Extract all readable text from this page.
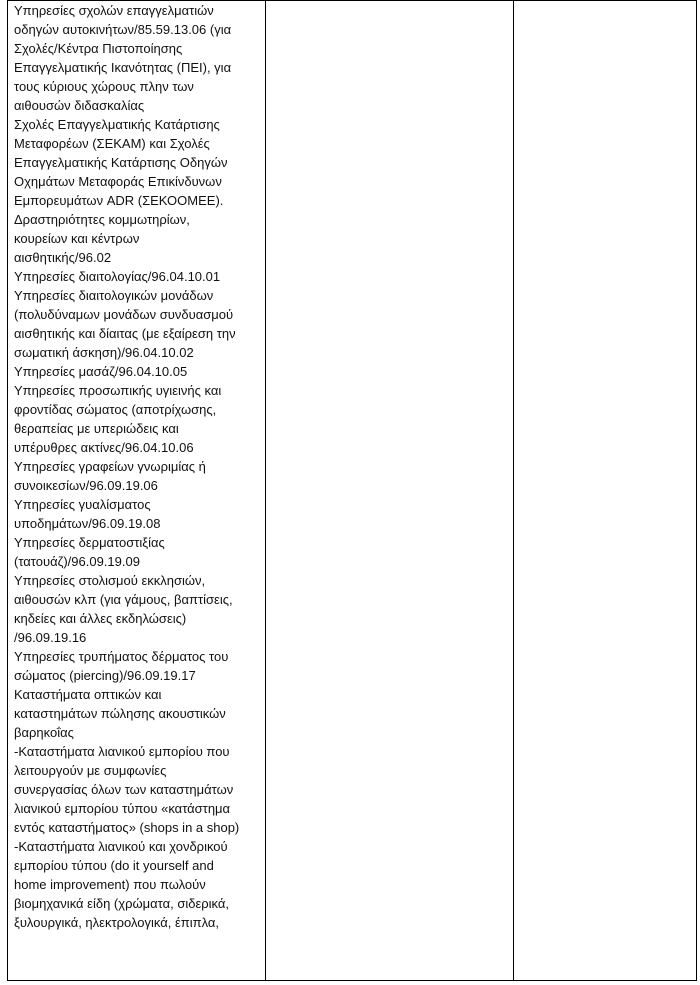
Υπηρεσίες σχολών επαγγελματιών
οδηγών αυτοκινήτων/85.59.13.06 (για
Σχολές/Κέντρα Πιστοποίησης
Επαγγελματικής Ικανότητας (ΠΕΙ), για
τους κύριους χώρους πλην των
αιθουσών διδασκαλίας
Σχολές Επαγγελματικής Κατάρτισης
Μεταφορέων (ΣΕΚΑΜ) και Σχολές
Επαγγελματικής Κατάρτισης Οδηγών
Οχημάτων Μεταφοράς Επικίνδυνων
Εμπορευμάτων ADR (ΣΕΚΟΟΜΕΕ).
Δραστηριότητες κομμωτηρίων,
κουρείων και κέντρων
αισθητικής/96.02
Υπηρεσίες διαιτολογίας/96.04.10.01
Υπηρεσίες διαιτολογικών μονάδων
(πολυδύναμων μονάδων συνδυασμού
αισθητικής και δίαιτας (με εξαίρεση την
σωματική άσκηση)/96.04.10.02
Υπηρεσίες μασάζ/96.04.10.05
Υπηρεσίες προσωπικής υγιεινής και
φροντίδας σώματος (αποτρίχωσης,
θεραπείας με υπεριώδεις και
υπέρυθρες ακτίνες/96.04.10.06
Υπηρεσίες γραφείων γνωριμίας ή
συνοικεσίων/96.09.19.06
Υπηρεσίες γυαλίσματος
υποδημάτων/96.09.19.08
Υπηρεσίες δερματοστιξίας
(τατουάζ)/96.09.19.09
Υπηρεσίες στολισμού εκκλησιών,
αιθουσών κλπ (για γάμους, βαπτίσεις,
κηδείες και άλλες εκδηλώσεις)
/96.09.19.16
Υπηρεσίες τρυπήματος δέρματος του
σώματος (piercing)/96.09.19.17
Καταστήματα οπτικών και
καταστημάτων πώλησης ακουστικών
βαρηκοΐας
-Καταστήματα λιανικού εμπορίου που
λειτουργούν με συμφωνίες
συνεργασίας όλων των καταστημάτων
λιανικού εμπορίου τύπου «κατάστημα
εντός καταστήματος» (shops in a shop)
-Καταστήματα λιανικού και χονδρικού
εμπορίου τύπου (do it yourself and
home improvement) που πωλούν
βιομηχανικά είδη (χρώματα, σιδερικά,
ξυλουργικά, ηλεκτρολογικά, έπιπλα,
